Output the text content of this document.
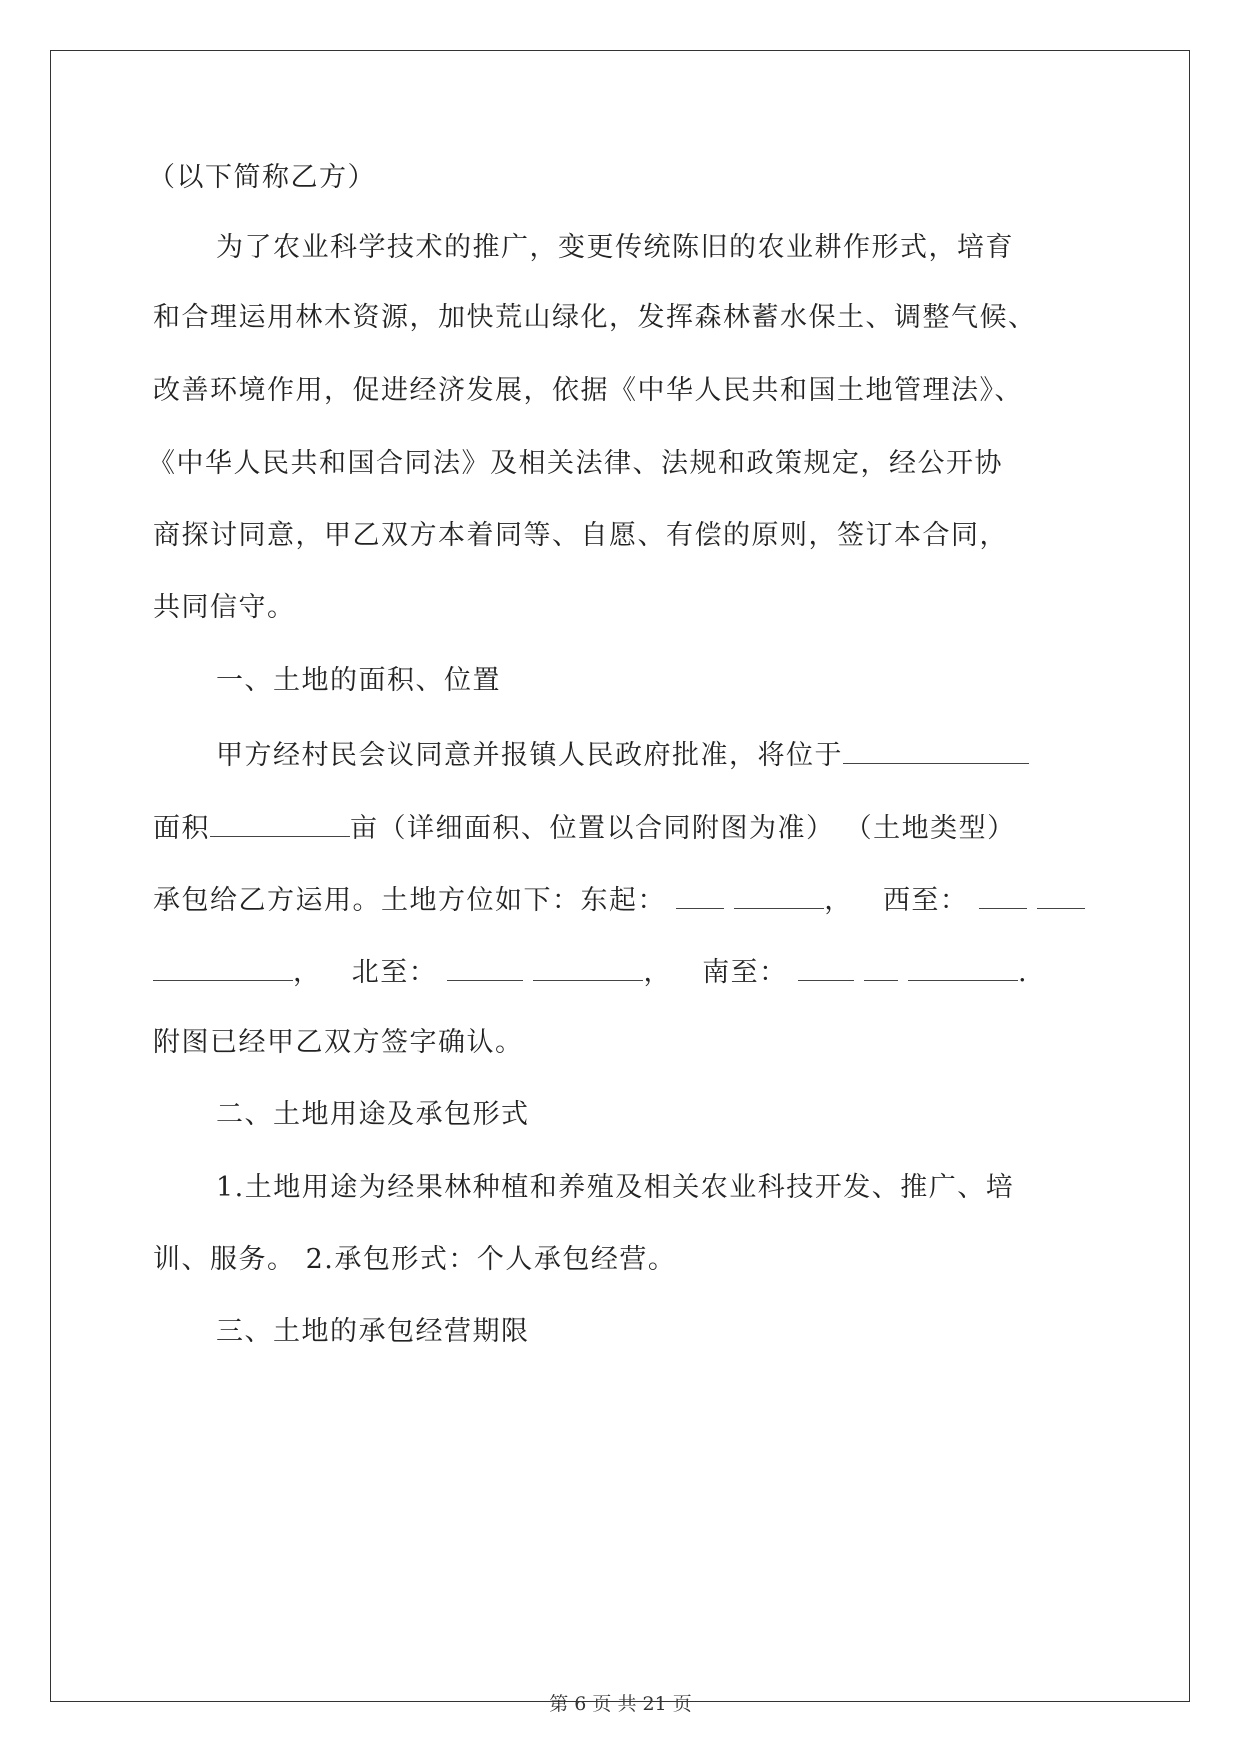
（以下简称乙方）
为了农业科学技术的推广，变更传统陈旧的农业耕作形式，培育
和合理运用林木资源，加快荒山绿化，发挥森林蓄水保土、调整气候、
改善环境作用，促进经济发展，依据《中华人民共和国土地管理法》、
《中华人民共和国合同法》及相关法律、法规和政策规定，经公开协
商探讨同意，甲乙双方本着同等、自愿、有偿的原则，签订本合同，
共同信守。
一、土地的面积、位置
甲方经村民会议同意并报镇人民政府批准，将位于
面积	亩（详细面积、位置以合同附图为准） （土地类型）
承包给乙方运用。土地方位如下：东起：	， 西至：
， 北至：	， 南至：	.
附图已经甲乙双方签字确认。
二、土地用途及承包形式
1.土地用途为经果林种植和养殖及相关农业科技开发、推广、培
训、服务。 2.承包形式：个人承包经营。
三、土地的承包经营期限
第 6 页 共 21 页
